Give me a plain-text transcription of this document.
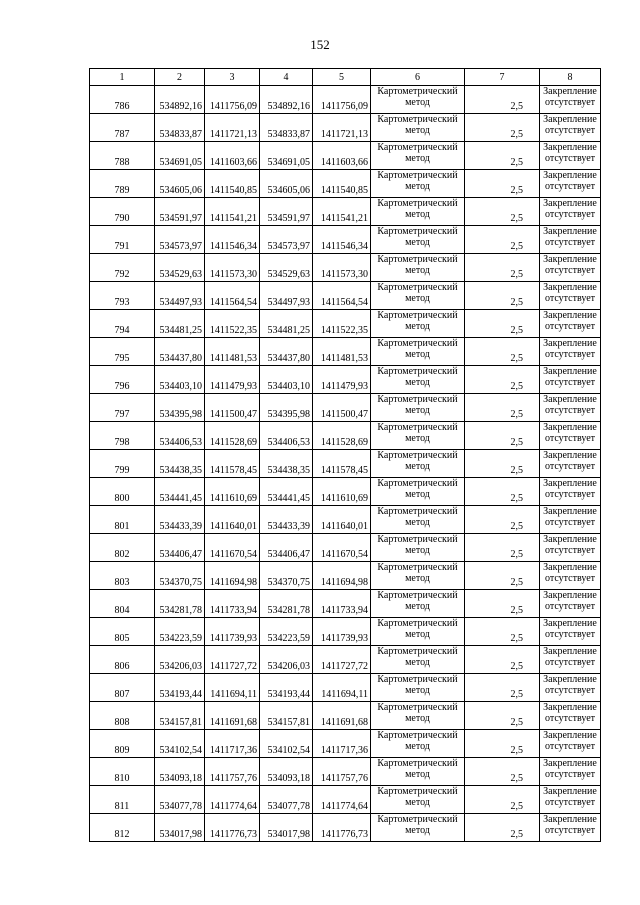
152
1	2	3	4	5	6	7	8
786	534892,16	1411756,09	534892,16	1411756,09	Картометрический метод	2,5	Закрепление отсутствует
787	534833,87	1411721,13	534833,87	1411721,13	Картометрический метод	2,5	Закрепление отсутствует
788	534691,05	1411603,66	534691,05	1411603,66	Картометрический метод	2,5	Закрепление отсутствует
789	534605,06	1411540,85	534605,06	1411540,85	Картометрический метод	2,5	Закрепление отсутствует
790	534591,97	1411541,21	534591,97	1411541,21	Картометрический метод	2,5	Закрепление отсутствует
791	534573,97	1411546,34	534573,97	1411546,34	Картометрический метод	2,5	Закрепление отсутствует
792	534529,63	1411573,30	534529,63	1411573,30	Картометрический метод	2,5	Закрепление отсутствует
793	534497,93	1411564,54	534497,93	1411564,54	Картометрический метод	2,5	Закрепление отсутствует
794	534481,25	1411522,35	534481,25	1411522,35	Картометрический метод	2,5	Закрепление отсутствует
795	534437,80	1411481,53	534437,80	1411481,53	Картометрический метод	2,5	Закрепление отсутствует
796	534403,10	1411479,93	534403,10	1411479,93	Картометрический метод	2,5	Закрепление отсутствует
797	534395,98	1411500,47	534395,98	1411500,47	Картометрический метод	2,5	Закрепление отсутствует
798	534406,53	1411528,69	534406,53	1411528,69	Картометрический метод	2,5	Закрепление отсутствует
799	534438,35	1411578,45	534438,35	1411578,45	Картометрический метод	2,5	Закрепление отсутствует
800	534441,45	1411610,69	534441,45	1411610,69	Картометрический метод	2,5	Закрепление отсутствует
801	534433,39	1411640,01	534433,39	1411640,01	Картометрический метод	2,5	Закрепление отсутствует
802	534406,47	1411670,54	534406,47	1411670,54	Картометрический метод	2,5	Закрепление отсутствует
803	534370,75	1411694,98	534370,75	1411694,98	Картометрический метод	2,5	Закрепление отсутствует
804	534281,78	1411733,94	534281,78	1411733,94	Картометрический метод	2,5	Закрепление отсутствует
805	534223,59	1411739,93	534223,59	1411739,93	Картометрический метод	2,5	Закрепление отсутствует
806	534206,03	1411727,72	534206,03	1411727,72	Картометрический метод	2,5	Закрепление отсутствует
807	534193,44	1411694,11	534193,44	1411694,11	Картометрический метод	2,5	Закрепление отсутствует
808	534157,81	1411691,68	534157,81	1411691,68	Картометрический метод	2,5	Закрепление отсутствует
809	534102,54	1411717,36	534102,54	1411717,36	Картометрический метод	2,5	Закрепление отсутствует
810	534093,18	1411757,76	534093,18	1411757,76	Картометрический метод	2,5	Закрепление отсутствует
811	534077,78	1411774,64	534077,78	1411774,64	Картометрический метод	2,5	Закрепление отсутствует
812	534017,98	1411776,73	534017,98	1411776,73	Картометрический метод	2,5	Закрепление отсутствует
